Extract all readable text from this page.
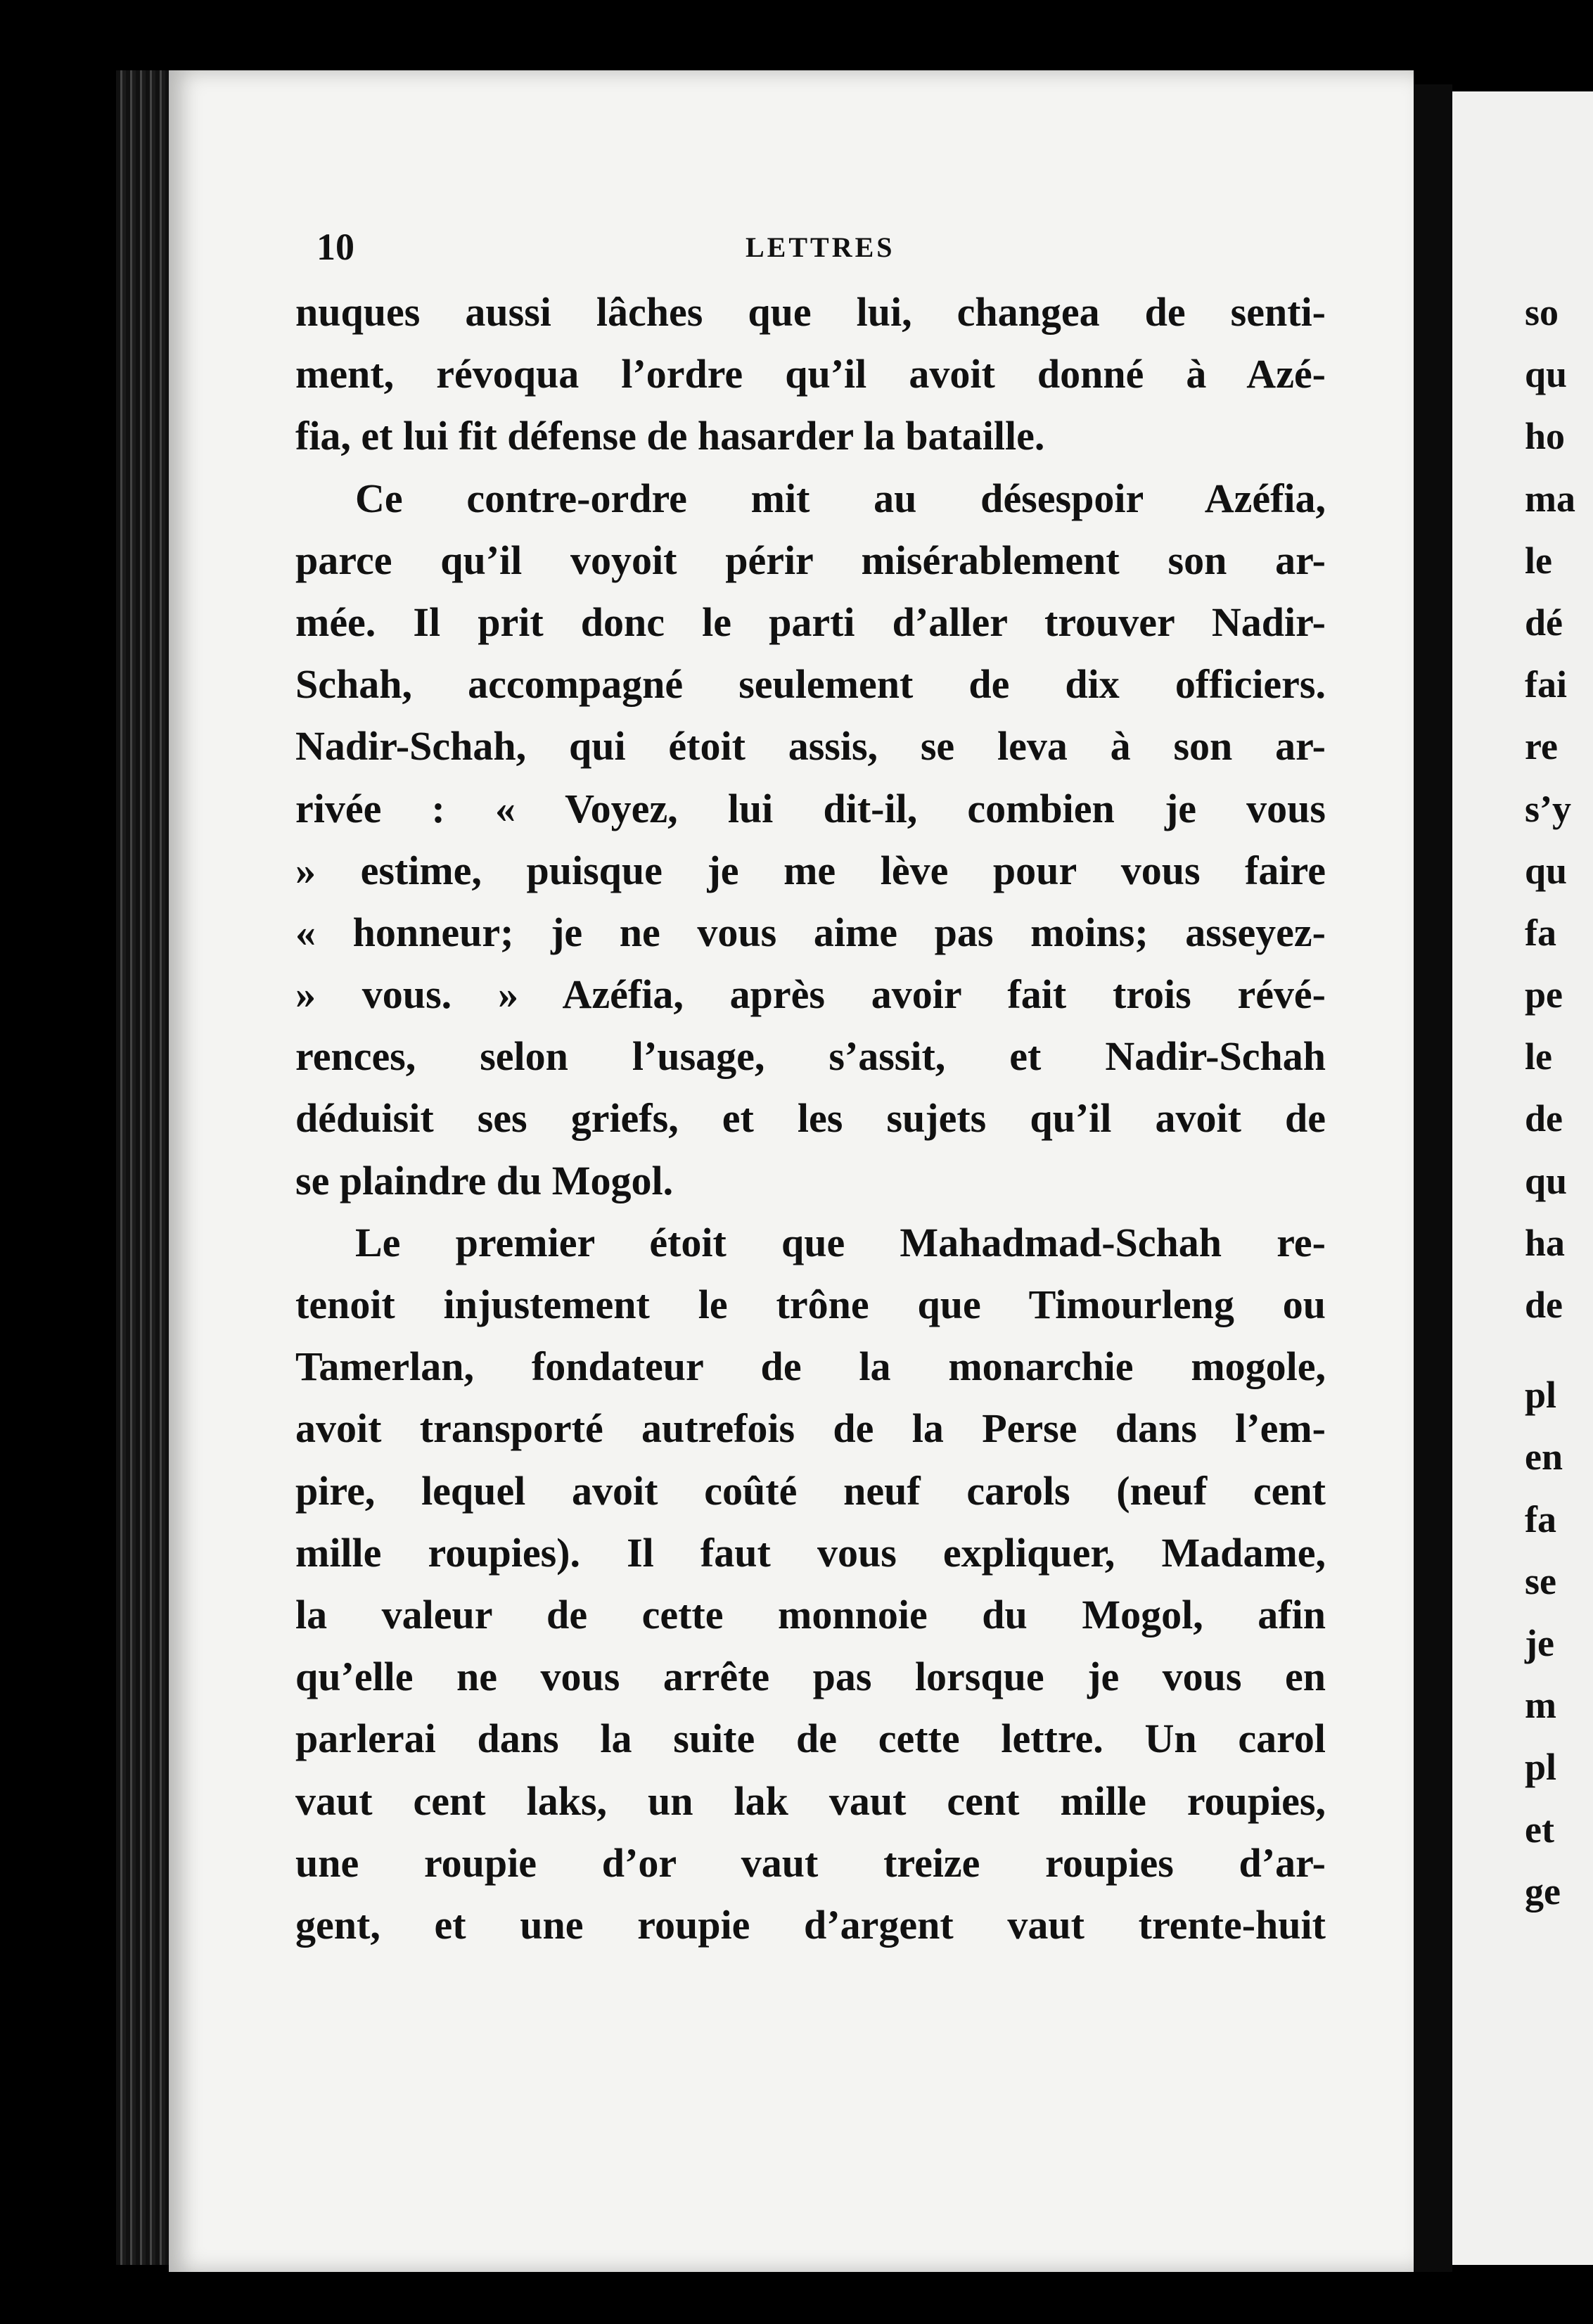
10	LETTRES
nuques aussi lâches que lui, changea de senti-
ment, révoqua l’ordre qu’il avoit donné à Azé-
fia, et lui fit défense de hasarder la bataille.
Ce contre-ordre mit au désespoir Azéfia,
parce qu’il voyoit périr misérablement son ar-
mée. Il prit donc le parti d’aller trouver Nadir-
Schah, accompagné seulement de dix officiers.
Nadir-Schah, qui étoit assis, se leva à son ar-
rivée : « Voyez, lui dit-il, combien je vous
» estime, puisque je me lève pour vous faire
« honneur; je ne vous aime pas moins; asseyez-
» vous. » Azéfia, après avoir fait trois révé-
rences, selon l’usage, s’assit, et Nadir-Schah
déduisit ses griefs, et les sujets qu’il avoit de
se plaindre du Mogol.
Le premier étoit que Mahadmad-Schah re-
tenoit injustement le trône que Timourleng ou
Tamerlan, fondateur de la monarchie mogole,
avoit transporté autrefois de la Perse dans l’em-
pire, lequel avoit coûté neuf carols (neuf cent
mille roupies). Il faut vous expliquer, Madame,
la valeur de cette monnoie du Mogol, afin
qu’elle ne vous arrête pas lorsque je vous en
parlerai dans la suite de cette lettre. Un carol
vaut cent laks, un lak vaut cent mille roupies,
une roupie d’or vaut treize roupies d’ar-
gent, et une roupie d’argent vaut trente-huit
so
qu
ho
ma
le
dé
fai
re
s’y
qu
fa
pe
le
de
qu
ha
de
pl
en
fa
se
je
m
pl
et
ge
